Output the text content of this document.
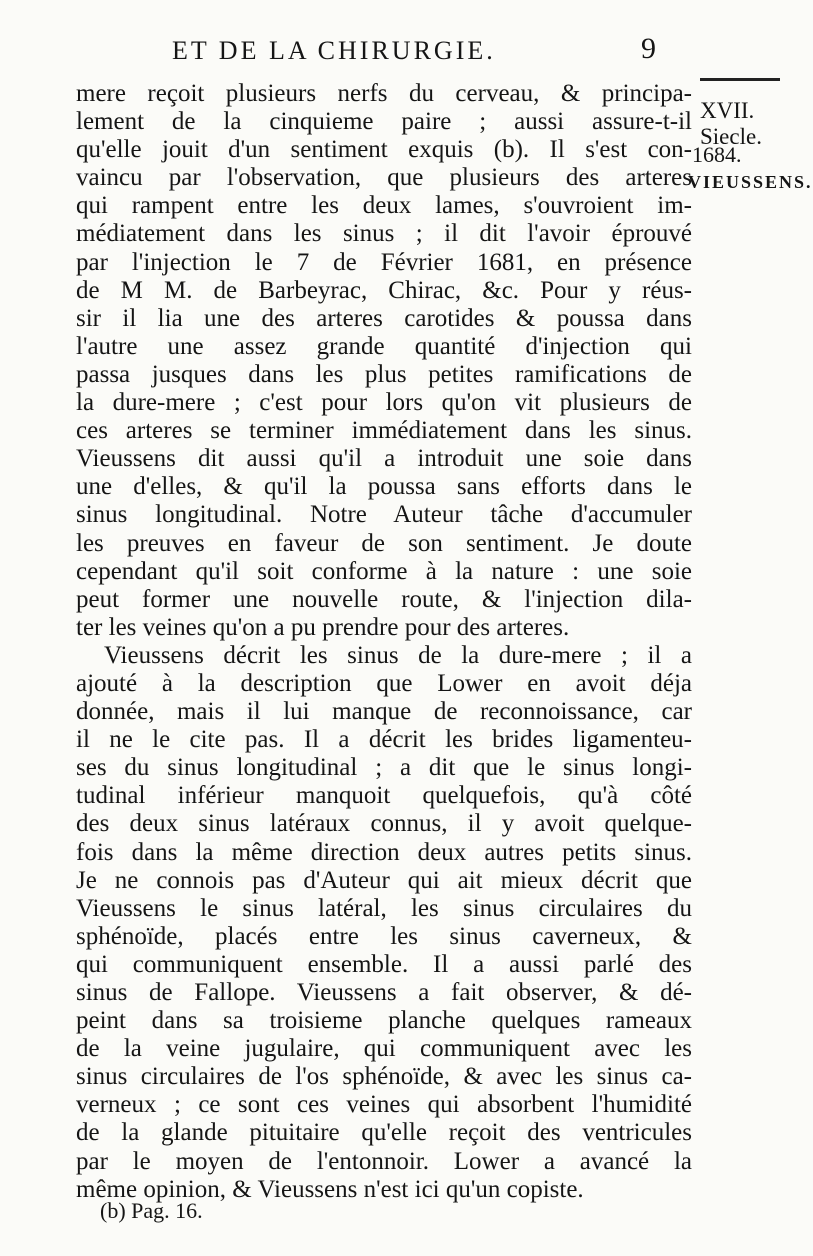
ET DE LA CHIRURGIE.	9
XVII. Siecle.
1684.
VIEUSSENS.
mere reçoit plusieurs nerfs du cerveau, & principa-
lement de la cinquieme paire ; aussi assure-t-il
qu'elle jouit d'un sentiment exquis (b). Il s'est con-
vaincu par l'observation, que plusieurs des arteres
qui rampent entre les deux lames, s'ouvroient im-
médiatement dans les sinus ; il dit l'avoir éprouvé
par l'injection le 7 de Février 1681, en présence
de M M. de Barbeyrac, Chirac, &c. Pour y réus-
sir il lia une des arteres carotides & poussa dans
l'autre une assez grande quantité d'injection qui
passa jusques dans les plus petites ramifications de
la dure-mere ; c'est pour lors qu'on vit plusieurs de
ces arteres se terminer immédiatement dans les sinus.
Vieussens dit aussi qu'il a introduit une soie dans
une d'elles, & qu'il la poussa sans efforts dans le
sinus longitudinal. Notre Auteur tâche d'accumuler
les preuves en faveur de son sentiment. Je doute
cependant qu'il soit conforme à la nature : une soie
peut former une nouvelle route, & l'injection dila-
ter les veines qu'on a pu prendre pour des arteres.
Vieussens décrit les sinus de la dure-mere ; il a
ajouté à la description que Lower en avoit déja
donnée, mais il lui manque de reconnoissance, car
il ne le cite pas. Il a décrit les brides ligamenteu-
ses du sinus longitudinal ; a dit que le sinus longi-
tudinal inférieur manquoit quelquefois, qu'à côté
des deux sinus latéraux connus, il y avoit quelque-
fois dans la même direction deux autres petits sinus.
Je ne connois pas d'Auteur qui ait mieux décrit que
Vieussens le sinus latéral, les sinus circulaires du
sphénoïde, placés entre les sinus caverneux, &
qui communiquent ensemble. Il a aussi parlé des
sinus de Fallope. Vieussens a fait observer, & dé-
peint dans sa troisieme planche quelques rameaux
de la veine jugulaire, qui communiquent avec les
sinus circulaires de l'os sphénoïde, & avec les sinus ca-
verneux ; ce sont ces veines qui absorbent l'humidité
de la glande pituitaire qu'elle reçoit des ventricules
par le moyen de l'entonnoir. Lower a avancé la
même opinion, & Vieussens n'est ici qu'un copiste.
(b) Pag. 16.
